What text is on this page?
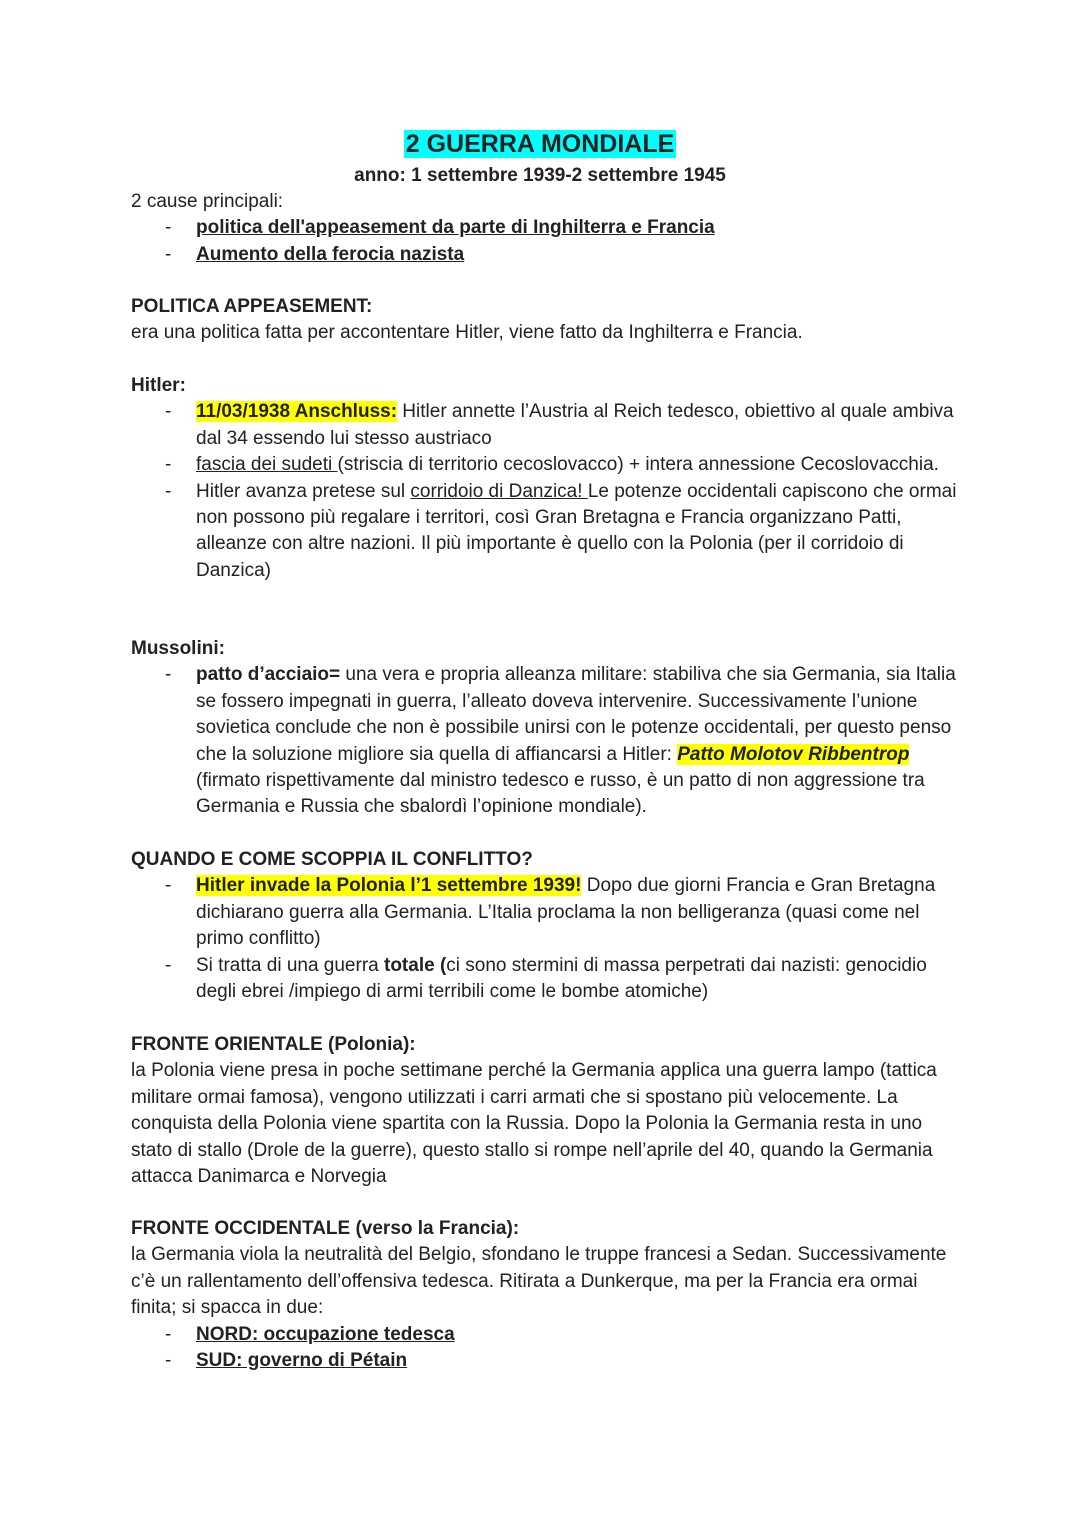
2 GUERRA MONDIALE
anno: 1 settembre 1939-2 settembre 1945

2 cause principali:

- politica dell'appeasement da parte di Inghilterra e Francia
- Aumento della ferocia nazista

POLITICA APPEASEMENT:

era una politica fatta per accontentare Hitler, viene fatto da Inghilterra e Francia.

Hitler:

- 11/03/1938 Anschluss: Hitler annette l’Austria al Reich tedesco, obiettivo al quale ambiva dal 34 essendo lui stesso austriaco
- fascia dei sudeti (striscia di territorio cecoslovacco) + intera annessione Cecoslovacchia.
- Hitler avanza pretese sul corridoio di Danzica! Le potenze occidentali capiscono che ormai non possono più regalare i territori, così Gran Bretagna e Francia organizzano Patti, alleanze con altre nazioni. Il più importante è quello con la Polonia (per il corridoio di Danzica)

Mussolini:

- patto d’acciaio= una vera e propria alleanza militare: stabiliva che sia Germania, sia Italia se fossero impegnati in guerra, l’alleato doveva intervenire. Successivamente l’unione sovietica conclude che non è possibile unirsi con le potenze occidentali, per questo penso che la soluzione migliore sia quella di affiancarsi a Hitler: Patto Molotov Ribbentrop (firmato rispettivamente dal ministro tedesco e russo, è un patto di non aggressione tra Germania e Russia che sbalordì l’opinione mondiale).

QUANDO E COME SCOPPIA IL CONFLITTO?

- Hitler invade la Polonia l’1 settembre 1939! Dopo due giorni Francia e Gran Bretagna dichiarano guerra alla Germania. L’Italia proclama la non belligeranza (quasi come nel primo conflitto)
- Si tratta di una guerra totale (ci sono stermini di massa perpetrati dai nazisti: genocidio degli ebrei /impiego di armi terribili come le bombe atomiche)

FRONTE ORIENTALE (Polonia):

la Polonia viene presa in poche settimane perché la Germania applica una guerra lampo (tattica militare ormai famosa), vengono utilizzati i carri armati che si spostano più velocemente. La conquista della Polonia viene spartita con la Russia. Dopo la Polonia la Germania resta in uno stato di stallo (Drole de la guerre), questo stallo si rompe nell’aprile del 40, quando la Germania attacca Danimarca e Norvegia

FRONTE OCCIDENTALE (verso la Francia):

la Germania viola la neutralità del Belgio, sfondano le truppe francesi a Sedan. Successivamente c’è un rallentamento dell’offensiva tedesca. Ritirata a Dunkerque, ma per la Francia era ormai finita; si spacca in due:

- NORD: occupazione tedesca
- SUD: governo di Pétain
